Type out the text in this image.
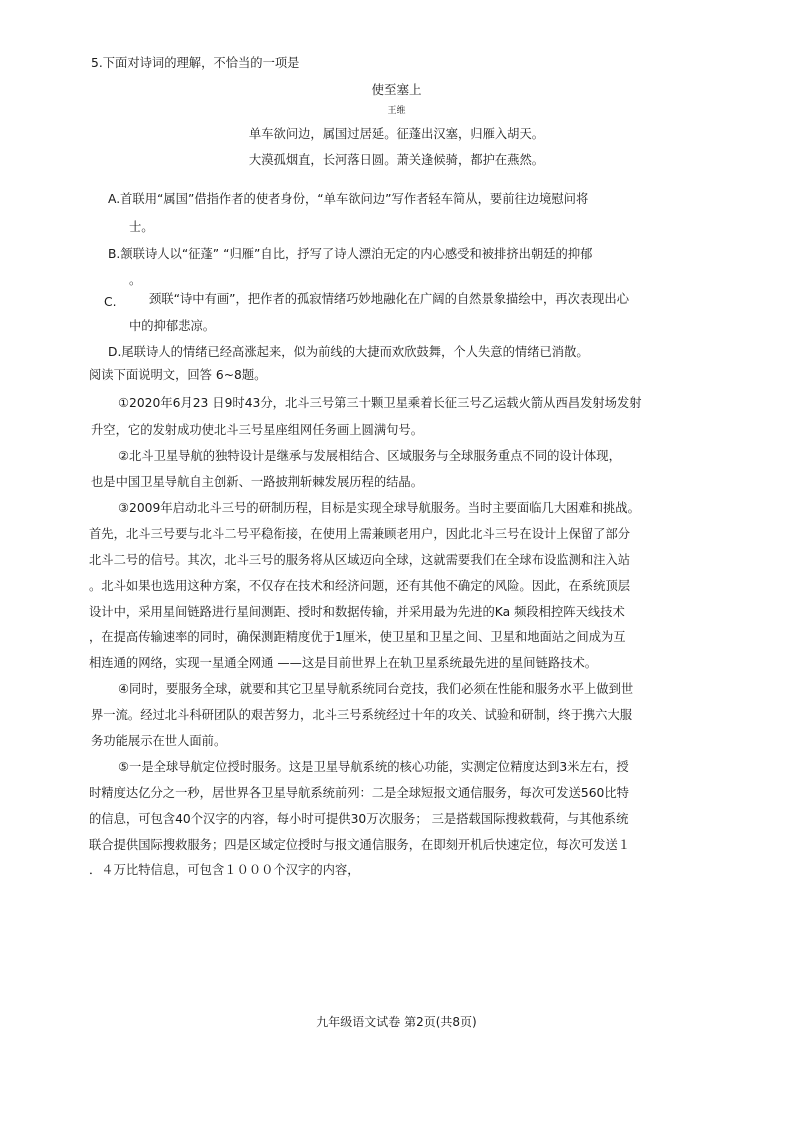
5.下面对诗词的理解，不恰当的一项是
使至塞上
王维
单车欲问边，属国过居延。征蓬出汉塞，归雁入胡天。
大漠孤烟直，长河落日圆。萧关逢候骑，都护在燕然。
A.首联用“属国”借指作者的使者身份，“单车欲问边”写作者轻车简从，要前往边境慰问将
士。
B.颔联诗人以“征蓬” “归雁”自比，抒写了诗人漂泊无定的内心感受和被排挤出朝廷的抑郁
。
C.	颈联“诗中有画”，把作者的孤寂情绪巧妙地融化在广阔的自然景象描绘中，再次表现出心
中的抑郁悲凉。
D.尾联诗人的情绪已经高涨起来，似为前线的大捷而欢欣鼓舞，个人失意的情绪已消散。
阅读下面说明文，回答 6~8题。
①2020年6月23 日9时43分，北斗三号第三十颗卫星乘着长征三号乙运载火箭从西昌发射场发射
升空，它的发射成功使北斗三号星座组网任务画上圆满句号。
②北斗卫星导航的独特设计是继承与发展相结合、区域服务与全球服务重点不同的设计体现，
也是中国卫星导航自主创新、一路披荆斩棘发展历程的结晶。
③2009年启动北斗三号的研制历程，目标是实现全球导航服务。当时主要面临几大困难和挑战。
首先，北斗三号要与北斗二号平稳衔接，在使用上需兼顾老用户，因此北斗三号在设计上保留了部分
北斗二号的信号。其次，北斗三号的服务将从区域迈向全球，这就需要我们在全球布设监测和注入站
。北斗如果也选用这种方案，不仅存在技术和经济问题，还有其他不确定的风险。因此，在系统顶层
设计中，采用星间链路进行星间测距、授时和数据传输，并采用最为先进的Ka 频段相控阵天线技术
，在提高传输速率的同时，确保测距精度优于1厘米，使卫星和卫星之间、卫星和地面站之间成为互
相连通的网络，实现一星通全网通 ——这是目前世界上在轨卫星系统最先进的星间链路技术。
④同时，要服务全球，就要和其它卫星导航系统同台竞技，我们必须在性能和服务水平上做到世
界一流。经过北斗科研团队的艰苦努力，北斗三号系统经过十年的攻关、试验和研制，终于携六大服
务功能展示在世人面前。
⑤一是全球导航定位授时服务。这是卫星导航系统的核心功能，实测定位精度达到3米左右，授
时精度达亿分之一秒，居世界各卫星导航系统前列：二是全球短报文通信服务，每次可发送560比特
的信息，可包含40个汉字的内容，每小时可提供30万次服务； 三是搭载国际搜救载荷，与其他系统
联合提供国际搜救服务；四是区域定位授时与报文通信服务，在即刻开机后快速定位，每次可发送１
．４万比特信息，可包含１０００个汉字的内容，
九年级语文试卷 第2页(共8页)
